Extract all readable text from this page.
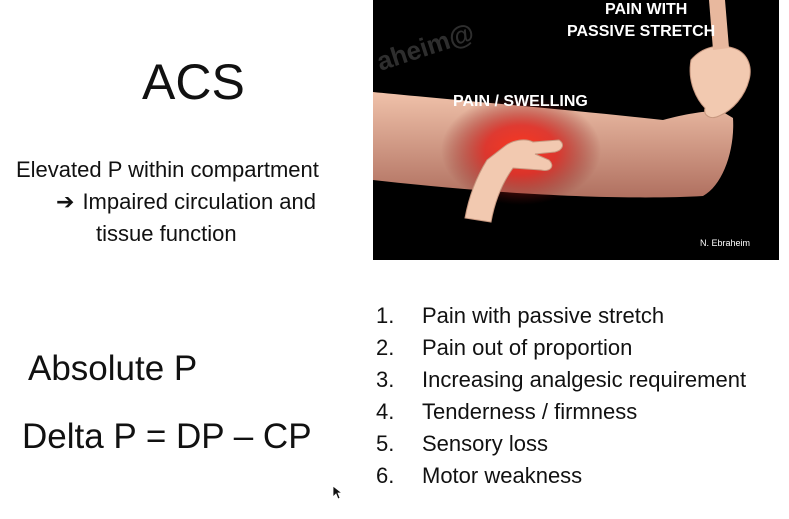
ACS
Elevated P within compartment
➔ Impaired circulation and
tissue function
Absolute P
Delta P = DP – CP
aheim@
PAIN WITH
PASSIVE STRETCH
PAIN / SWELLING
N. Ebraheim
1.	Pain with passive stretch
2.	Pain out of proportion
3.	Increasing analgesic requirement
4.	Tenderness / firmness
5.	Sensory loss
6.	Motor weakness
